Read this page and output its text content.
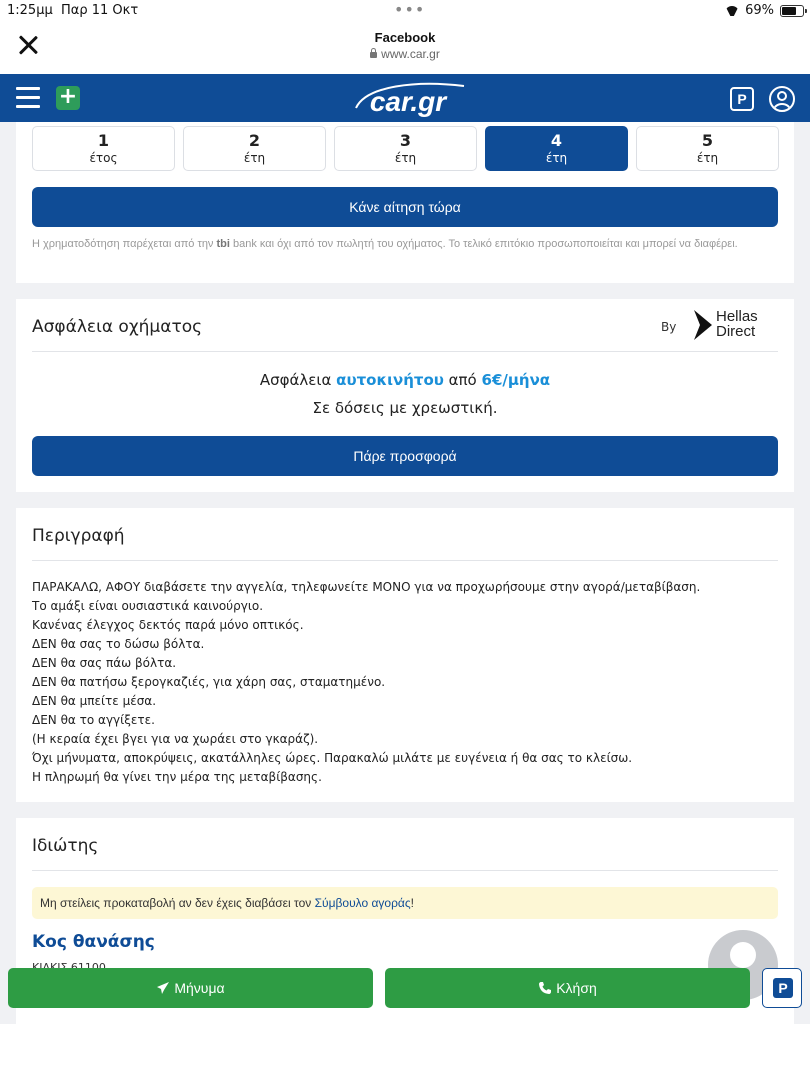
1:25μμ Παρ 11 Οκτ	•••	69%
Facebook
www.car.gr
+	car.gr	P
1
έτος
2
έτη
3
έτη
4
έτη
5
έτη
Κάνε αίτηση τώρα
Η χρηματοδότηση παρέχεται από την tbi bank και όχι από τον πωλητή του οχήματος. Το τελικό επιτόκιο προσωποποιείται και μπορεί να διαφέρει.
Ασφάλεια οχήματος	By
Hellas
Direct
Ασφάλεια αυτοκινήτου από 6€/μήνα
Σε δόσεις με χρεωστική.
Πάρε προσφορά
Περιγραφή
ΠΑΡΑΚΑΛΩ, ΑΦΟΥ διαβάσετε την αγγελία, τηλεφωνείτε ΜΟΝΟ για να προχωρήσουμε στην αγορά/μεταβίβαση.
Το αμάξι είναι ουσιαστικά καινούργιο.
Κανένας έλεγχος δεκτός παρά μόνο οπτικός.
ΔΕΝ θα σας το δώσω βόλτα.
ΔΕΝ θα σας πάω βόλτα.
ΔΕΝ θα πατήσω ξερογκαζιές, για χάρη σας, σταματημένο.
ΔΕΝ θα μπείτε μέσα.
ΔΕΝ θα το αγγίξετε.
(Η κεραία έχει βγει για να χωράει στο γκαράζ).
Όχι μήνυματα, αποκρύψεις, ακατάλληλες ώρες. Παρακαλώ μιλάτε με ευγένεια ή θα σας το κλείσω.
Η πληρωμή θα γίνει την μέρα της μεταβίβασης.
Ιδιώτης
Μη στείλεις προκαταβολή αν δεν έχεις διαβάσει τον Σύμβουλο αγοράς!
Κος θανάσης
Μήνυμα	Κλήση	P
